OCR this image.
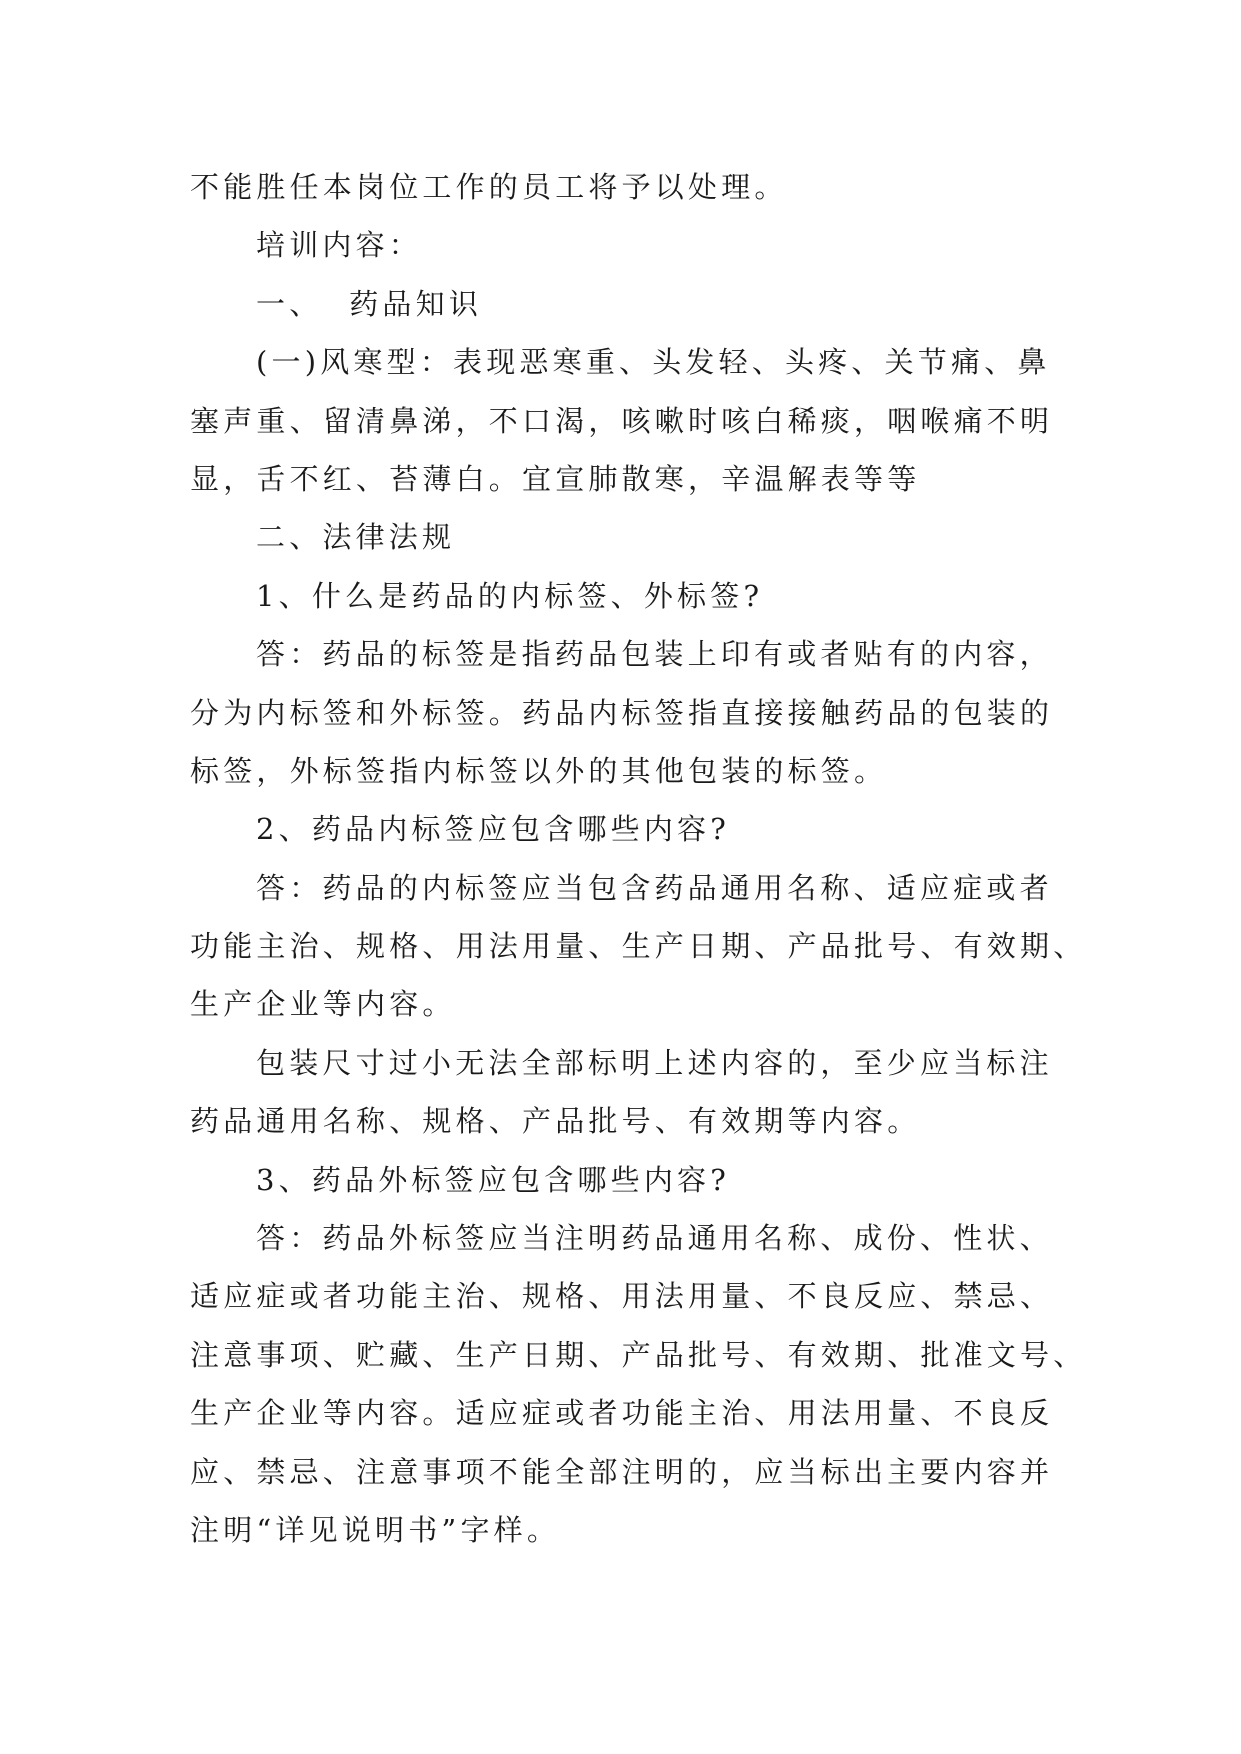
不能胜任本岗位工作的员工将予以处理。
培训内容：
一、  药品知识
(一)风寒型：表现恶寒重、头发轻、头疼、关节痛、鼻
塞声重、留清鼻涕，不口渴，咳嗽时咳白稀痰，咽喉痛不明
显，舌不红、苔薄白。宜宣肺散寒，辛温解表等等
二、法律法规
1、什么是药品的内标签、外标签?
答：药品的标签是指药品包装上印有或者贴有的内容，
分为内标签和外标签。药品内标签指直接接触药品的包装的
标签，外标签指内标签以外的其他包装的标签。
2、药品内标签应包含哪些内容?
答：药品的内标签应当包含药品通用名称、适应症或者
功能主治、规格、用法用量、生产日期、产品批号、有效期、
生产企业等内容。
包装尺寸过小无法全部标明上述内容的，至少应当标注
药品通用名称、规格、产品批号、有效期等内容。
3、药品外标签应包含哪些内容?
答：药品外标签应当注明药品通用名称、成份、性状、
适应症或者功能主治、规格、用法用量、不良反应、禁忌、
注意事项、贮藏、生产日期、产品批号、有效期、批准文号、
生产企业等内容。适应症或者功能主治、用法用量、不良反
应、禁忌、注意事项不能全部注明的，应当标出主要内容并
注明“详见说明书”字样。
